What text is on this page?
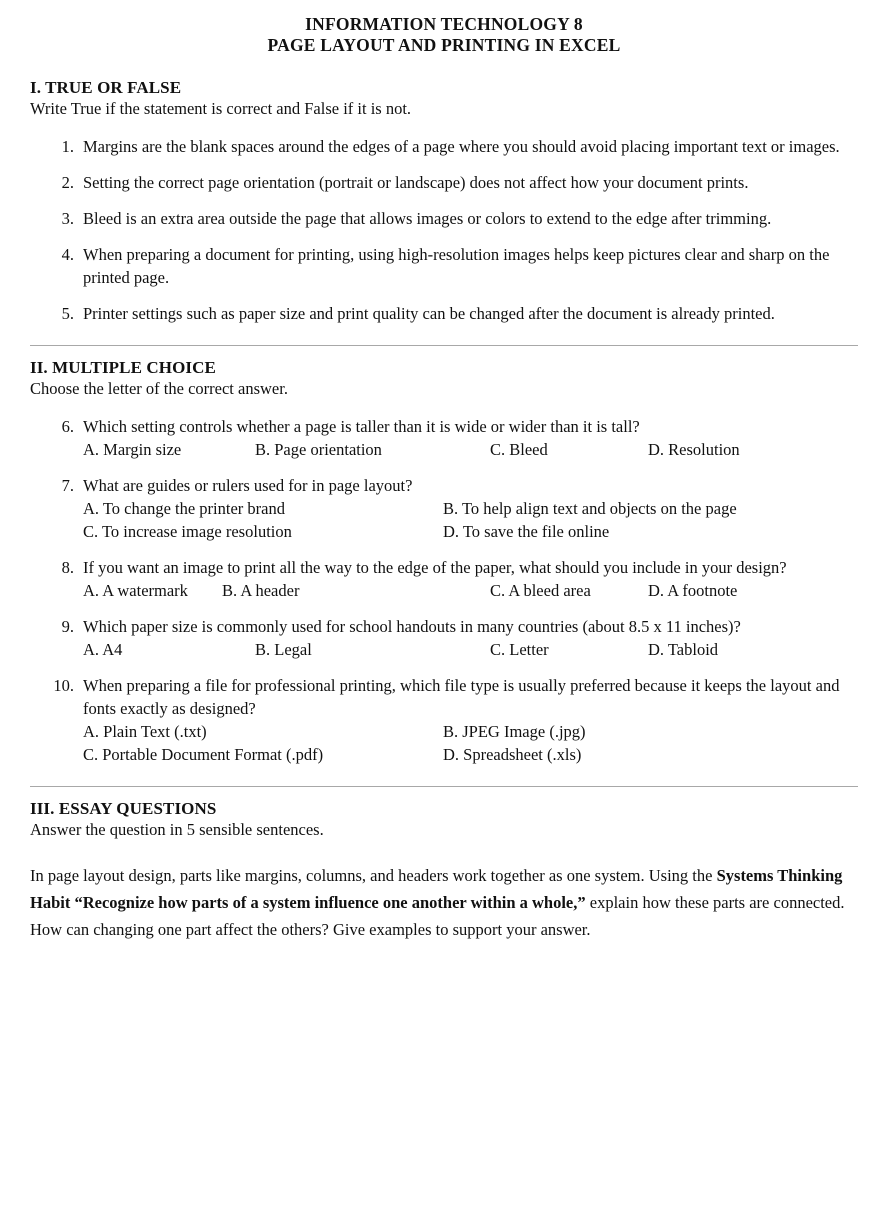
INFORMATION TECHNOLOGY 8
PAGE LAYOUT AND PRINTING IN EXCEL
I. TRUE OR FALSE

Write True if the statement is correct and False if it is not.

1. Margins are the blank spaces around the edges of a page where you should avoid placing important text or images.
2. Setting the correct page orientation (portrait or landscape) does not affect how your document prints.
3. Bleed is an extra area outside the page that allows images or colors to extend to the edge after trimming.
4. When preparing a document for printing, using high-resolution images helps keep pictures clear and sharp on the printed page.
5. Printer settings such as paper size and print quality can be changed after the document is already printed.
II. MULTIPLE CHOICE

Choose the letter of the correct answer.

6. Which setting controls whether a page is taller than it is wide or wider than it is tall?
A. Margin size	B. Page orientation	C. Bleed	D. Resolution
7. What are guides or rulers used for in page layout?
A. To change the printer brand	B. To help align text and objects on the page
C. To increase image resolution	D. To save the file online
8. If you want an image to print all the way to the edge of the paper, what should you include in your design?
A. A watermark B. A header	C. A bleed area	D. A footnote
9. Which paper size is commonly used for school handouts in many countries (about 8.5 x 11 inches)?
A. A4	B. Legal	C. Letter	D. Tabloid
10. When preparing a file for professional printing, which file type is usually preferred because it keeps the layout and fonts exactly as designed?
A. Plain Text (.txt)	B. JPEG Image (.jpg)
C. Portable Document Format (.pdf)	D. Spreadsheet (.xls)
III. ESSAY QUESTIONS

Answer the question in 5 sensible sentences.

In page layout design, parts like margins, columns, and headers work together as one system. Using the Systems Thinking Habit “Recognize how parts of a system influence one another within a whole,” explain how these parts are connected. How can changing one part affect the others? Give examples to support your answer.
